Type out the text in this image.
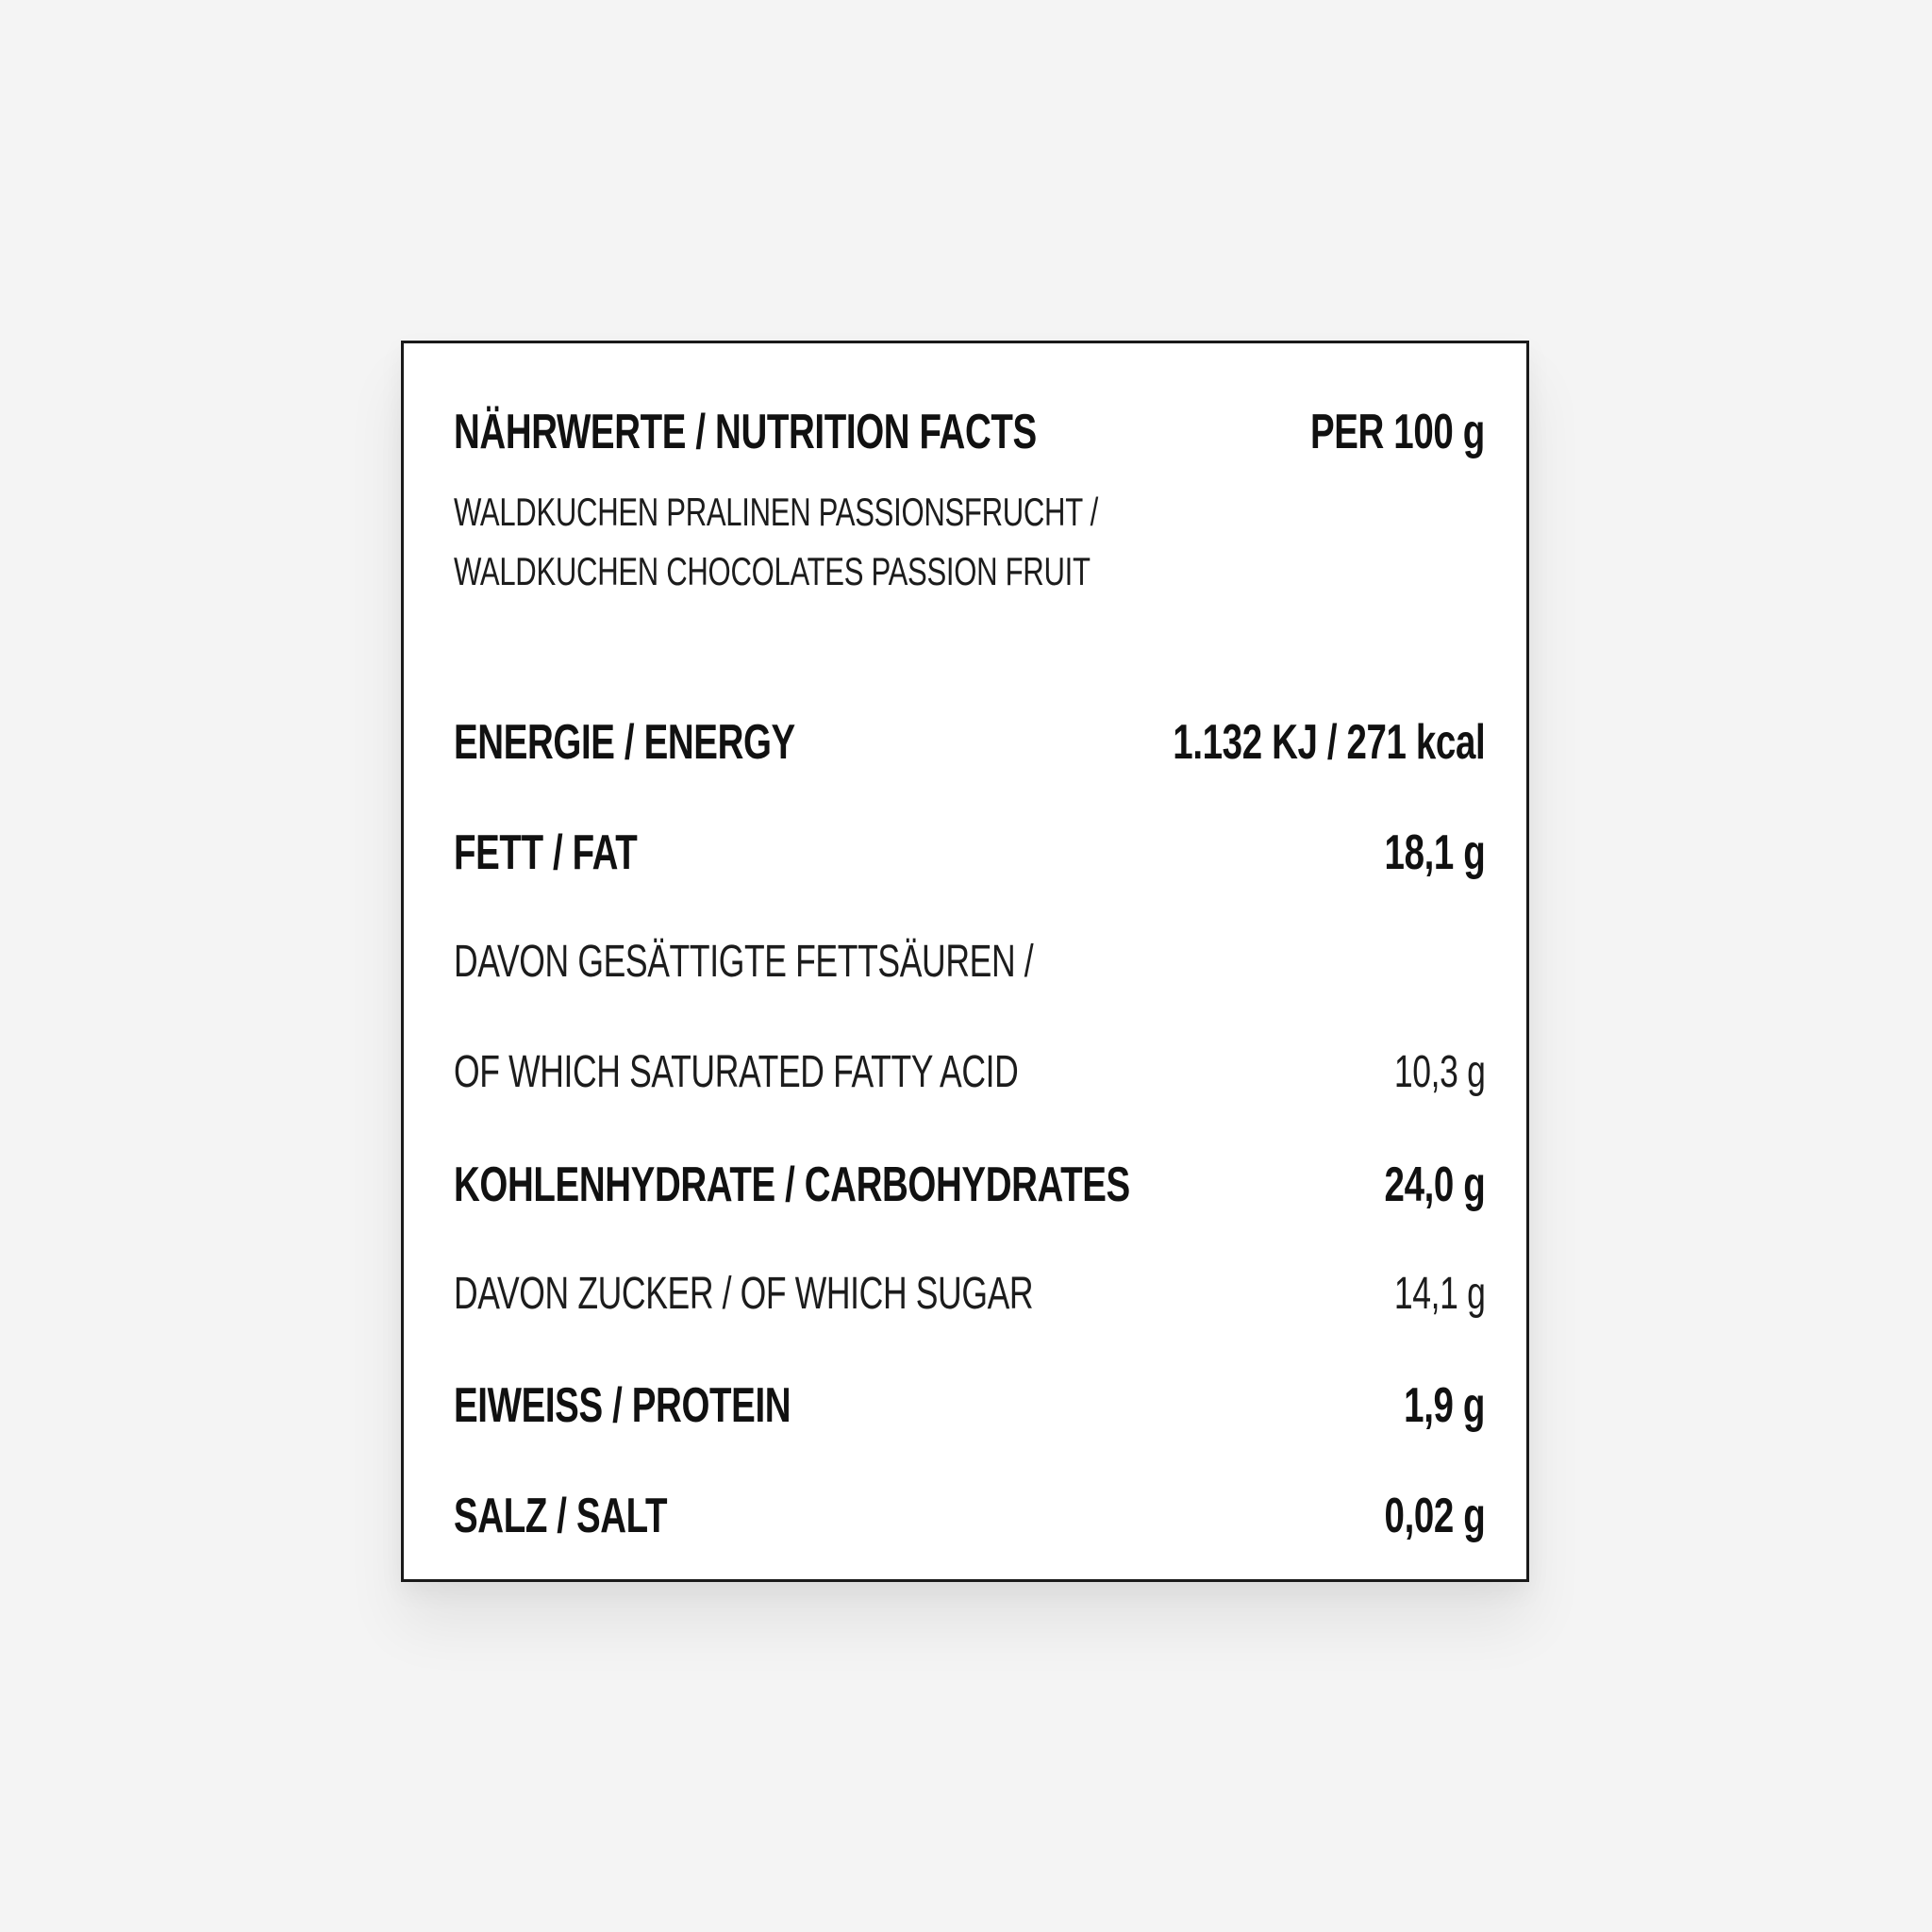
NÄHRWERTE / NUTRITION FACTS	PER 100 g
WALDKUCHEN PRALINEN PASSIONSFRUCHT /
WALDKUCHEN CHOCOLATES PASSION FRUIT
ENERGIE / ENERGY	1.132 KJ / 271 kcal
FETT / FAT	18,1 g
DAVON GESÄTTIGTE FETTSÄUREN /
OF WHICH SATURATED FATTY ACID	10,3 g
KOHLENHYDRATE / CARBOHYDRATES	24,0 g
DAVON ZUCKER / OF WHICH SUGAR	14,1 g
EIWEISS / PROTEIN	1,9 g
SALZ / SALT	0,02 g
